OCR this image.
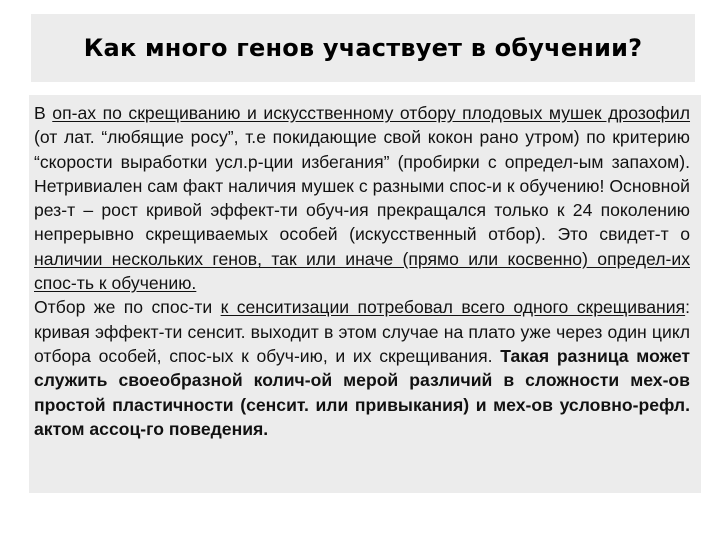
Как много генов участвует в обучении?

В оп-ах по скрещиванию и искусственному отбору плодовых мушек дрозофил (от лат. “любящие росу”, т.е покидающие свой кокон рано утром) по критерию “скорости выработки усл.р-ции избегания” (пробирки с определ-ым запахом). Нетривиален сам факт наличия мушек с разными спос-и к обучению! Основной рез-т – рост кривой эффект-ти обуч-ия прекращался только к 24 поколению непрерывно скрещиваемых особей (искусственный отбор). Это свидет-т о наличии нескольких генов, так или иначе (прямо или косвенно) определ-их спос-ть к обучению.

Отбор же по спос-ти к сенситизации потребовал всего одного скрещивания: кривая эффект-ти сенсит. выходит в этом случае на плато уже через один цикл отбора особей, спос-ых к обуч-ию, и их скрещивания. Такая разница может служить своеобразной колич-ой мерой различий в сложности мех-ов простой пластичности (сенсит. или привыкания) и мех-ов условно-рефл. актом ассоц-го поведения.
